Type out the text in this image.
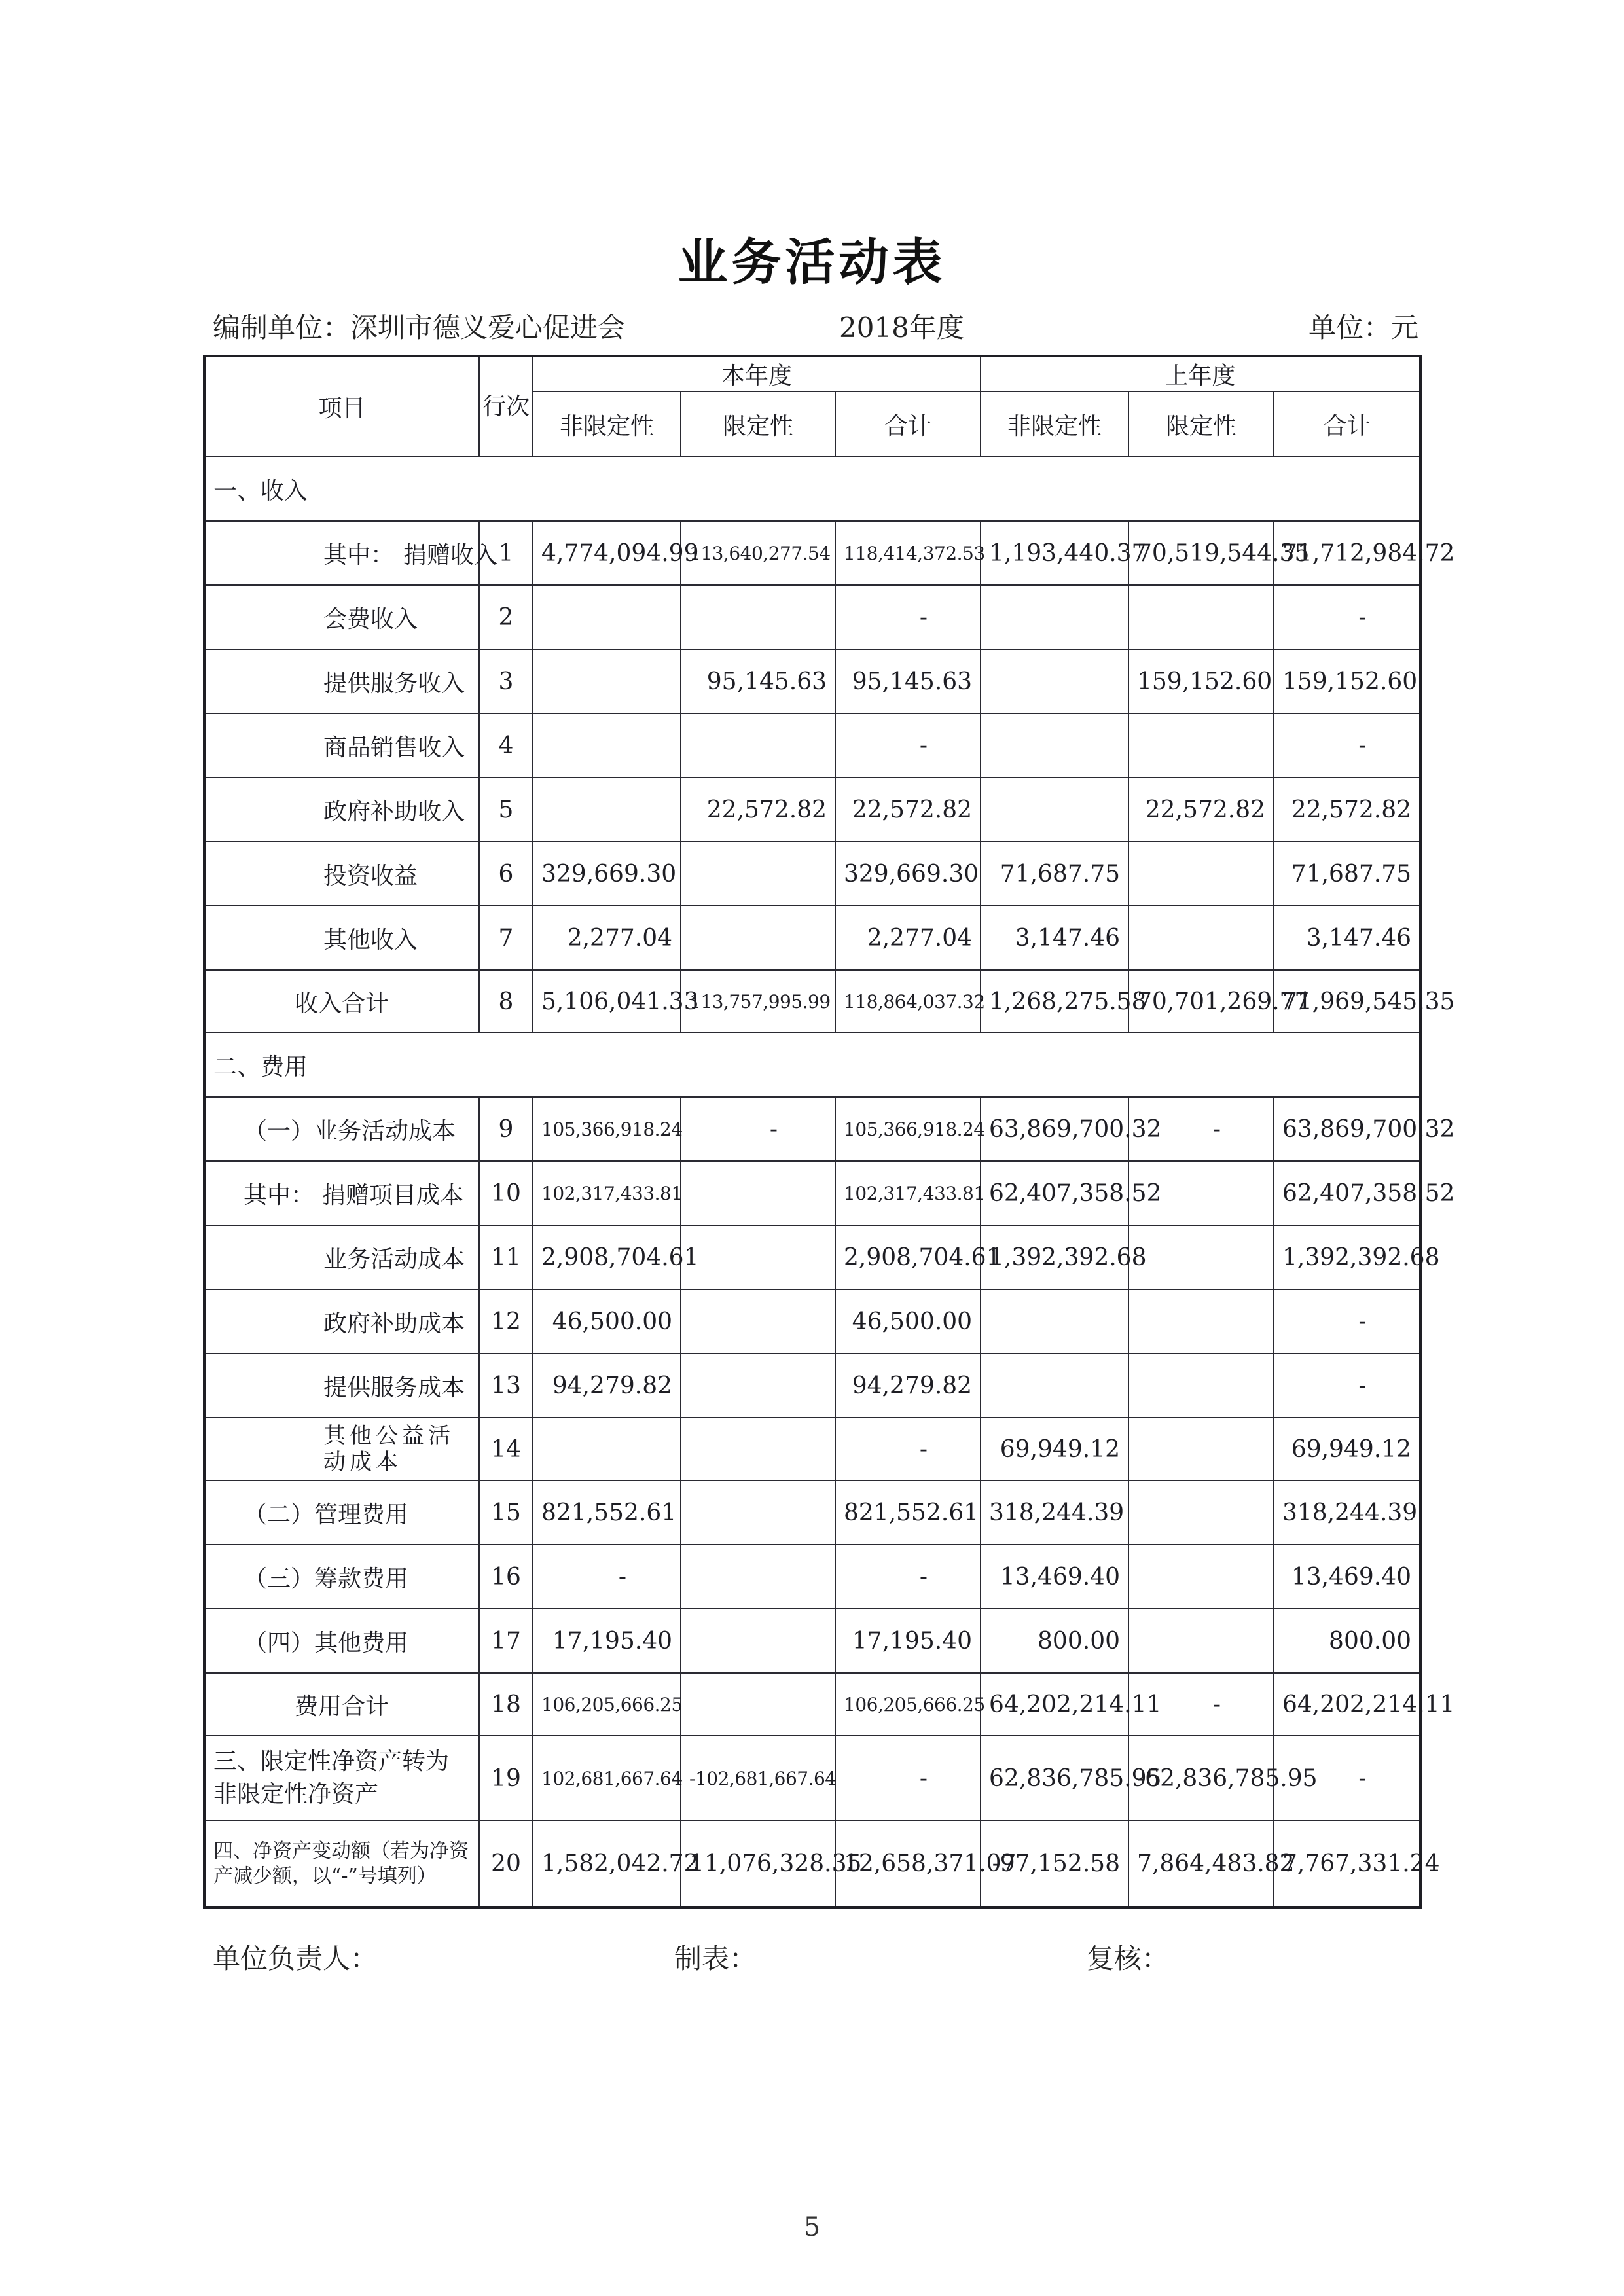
业务活动表
编制单位：深圳市德义爱心促进会	2018年度	单位：元
项目	行次	本年度			上年度		
		非限定性	限定性	合计	非限定性	限定性	合计
一、收入							
其中： 捐赠收入	1	4,774,094.99	113,640,277.54	118,414,372.53	1,193,440.37	70,519,544.35	71,712,984.72
会费收入	2			-			-
提供服务收入	3		95,145.63	95,145.63		159,152.60	159,152.60
商品销售收入	4			-			-
政府补助收入	5		22,572.82	22,572.82		22,572.82	22,572.82
投资收益	6	329,669.30		329,669.30	71,687.75		71,687.75
其他收入	7	2,277.04		2,277.04	3,147.46		3,147.46
收入合计	8	5,106,041.33	113,757,995.99	118,864,037.32	1,268,275.58	70,701,269.77	71,969,545.35
二、费用							
（一）业务活动成本	9	105,366,918.24	-	105,366,918.24	63,869,700.32	-	63,869,700.32
其中： 捐赠项目成本	10	102,317,433.81		102,317,433.81	62,407,358.52		62,407,358.52
业务活动成本	11	2,908,704.61		2,908,704.61	1,392,392.68		1,392,392.68
政府补助成本	12	46,500.00		46,500.00			-
提供服务成本	13	94,279.82		94,279.82			-
其他公益活动成本	14			-	69,949.12		69,949.12
（二）管理费用	15	821,552.61		821,552.61	318,244.39		318,244.39
（三）筹款费用	16	-		-	13,469.40		13,469.40
（四）其他费用	17	17,195.40		17,195.40	800.00		800.00
费用合计	18	106,205,666.25		106,205,666.25	64,202,214.11	-	64,202,214.11
三、限定性净资产转为非限定性净资产	19	102,681,667.64	-102,681,667.64	-	62,836,785.95	-62,836,785.95	-
四、净资产变动额（若为净资产减少额，以“-”号填列）	20	1,582,042.72	11,076,328.35	12,658,371.07	-97,152.58	7,864,483.82	7,767,331.24
单位负责人：	制表：	复核：
5
